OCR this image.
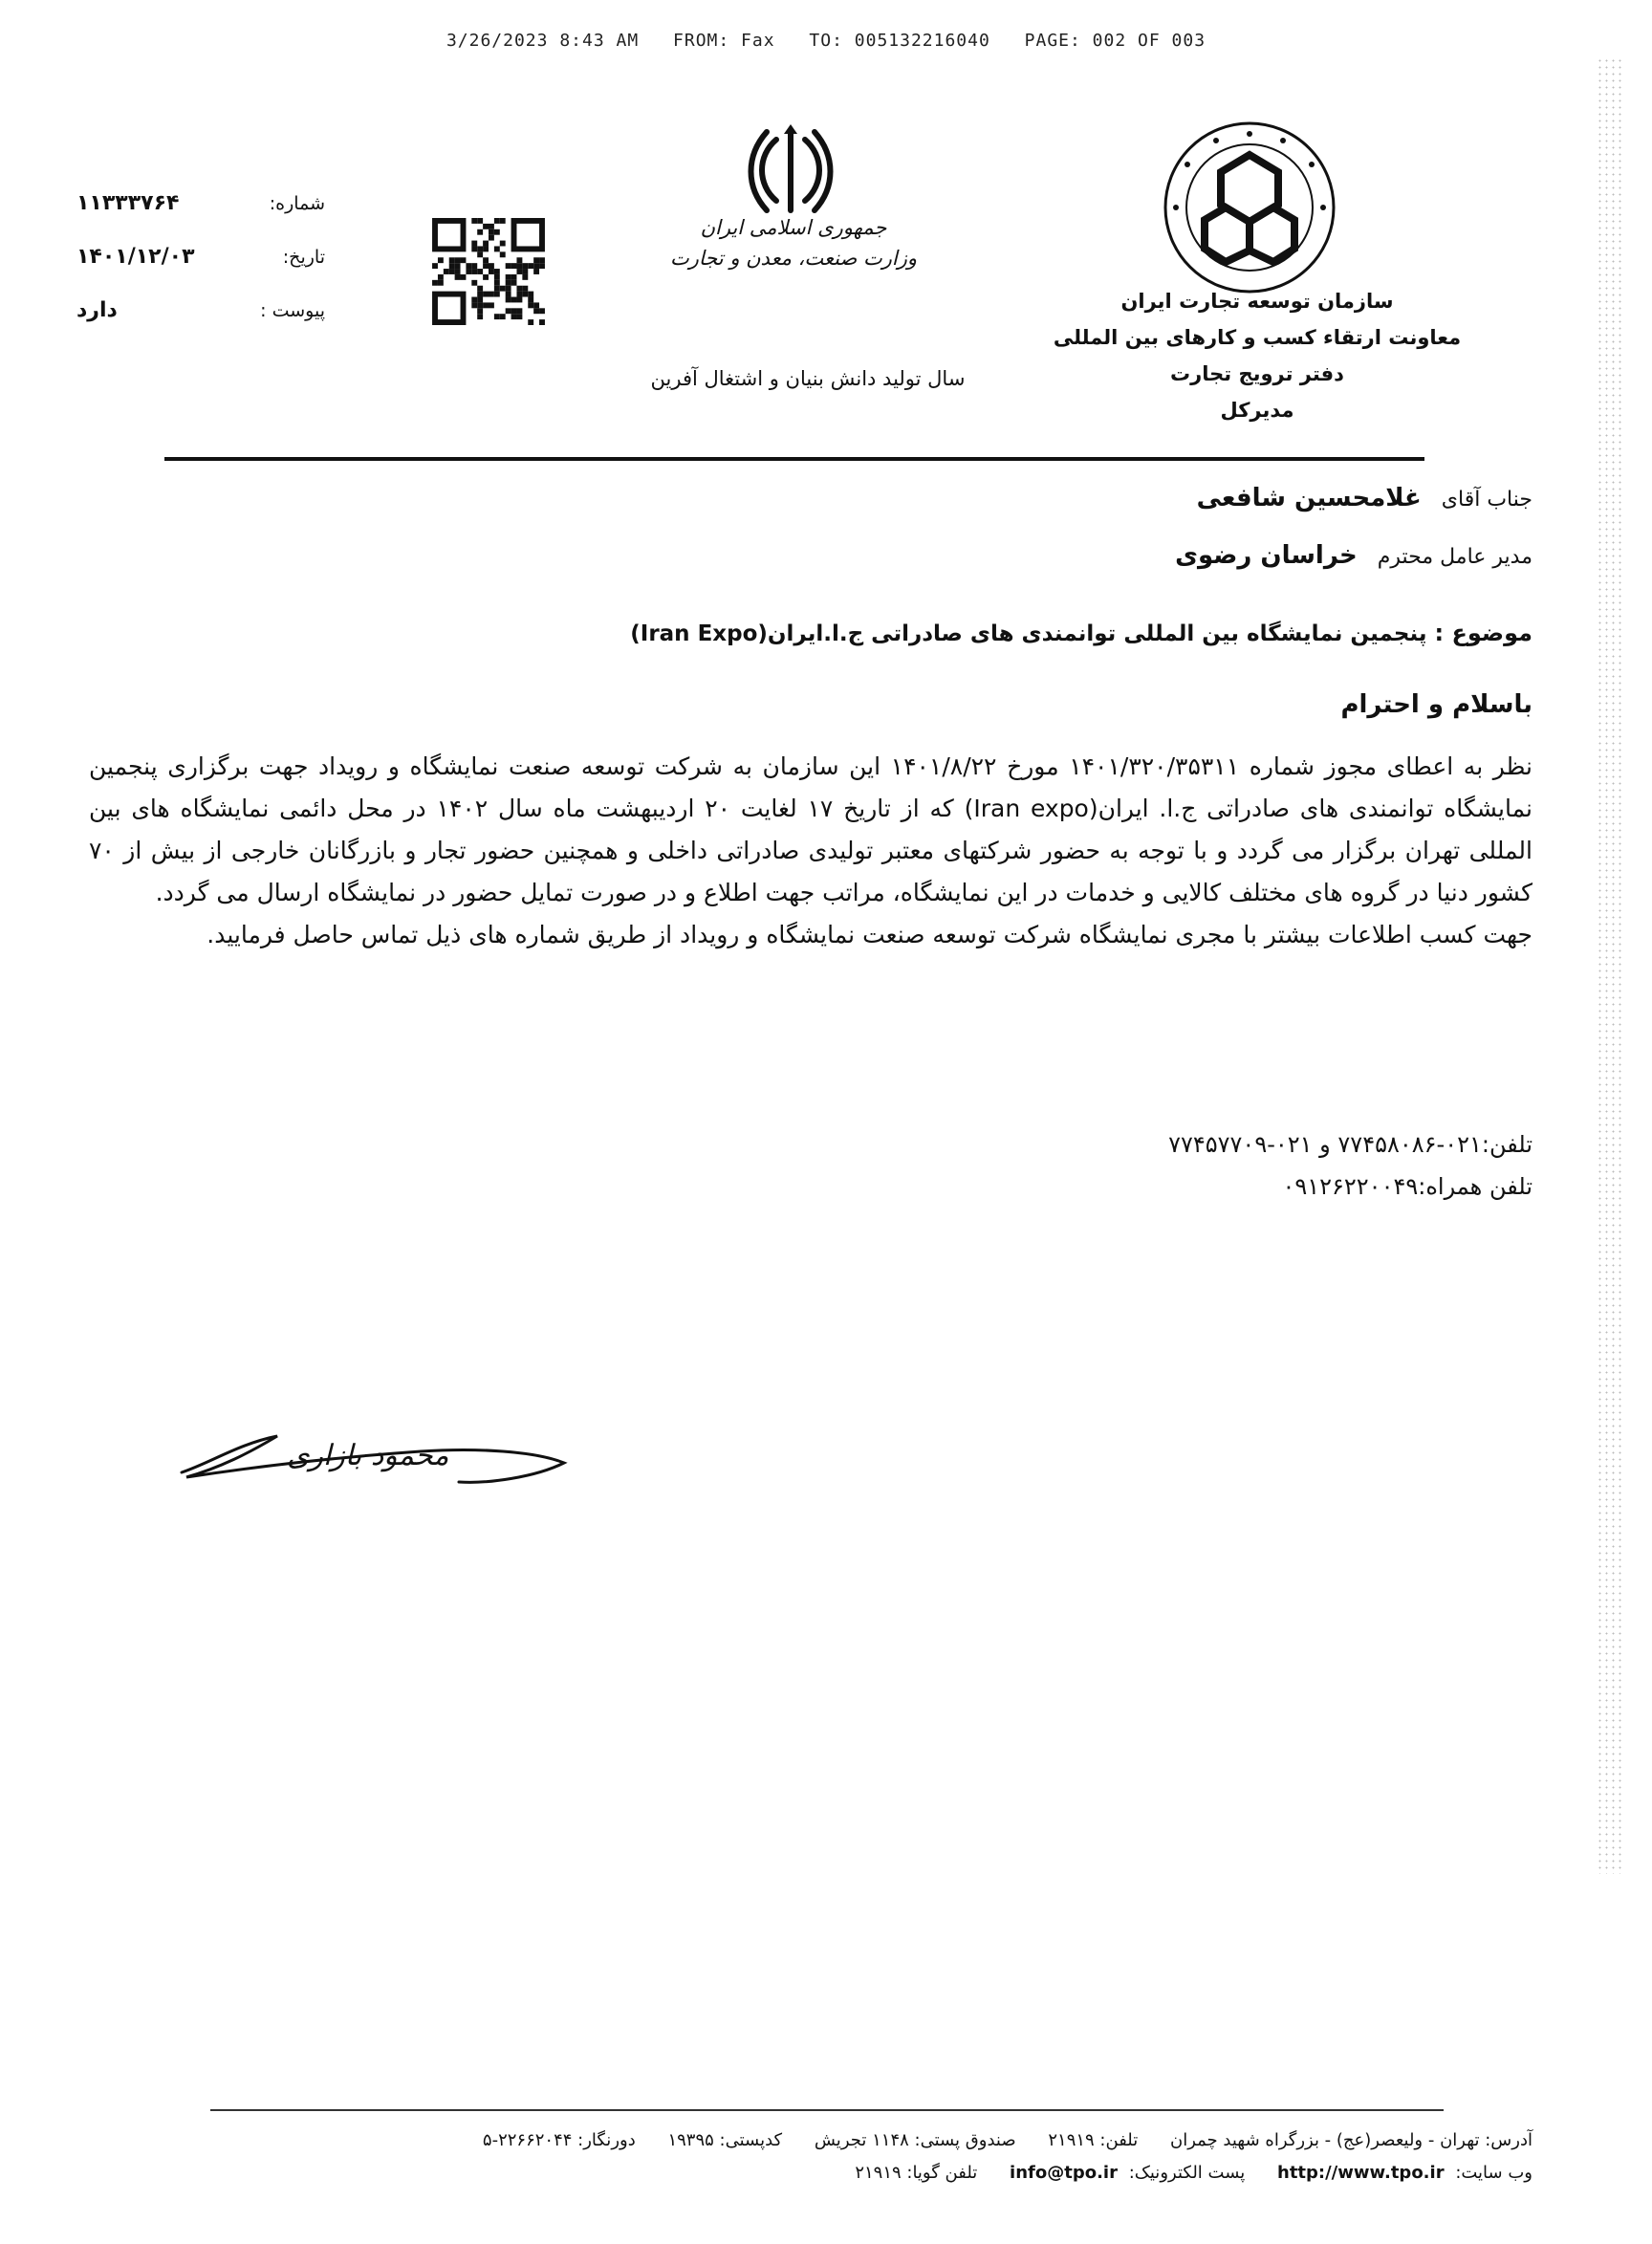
3/26/2023 8:43 AM FROM: Fax TO: 005132216040 PAGE: 002 OF 003
شماره:
۱۱۳۳۳۷۶۴
تاریخ:
۱۴۰۱/۱۲/۰۳
پیوست :
دارد
جمهوری اسلامی ایران
وزارت صنعت، معدن و تجارت
سال تولید دانش بنیان و اشتغال آفرین
سازمان توسعه تجارت ایران
معاونت ارتقاء کسب و کارهای بین المللی
دفتر ترویج تجارت
مدیرکل
جناب آقای غلامحسین شافعی
مدیر عامل محترم خراسان رضوی
موضوع : پنجمین نمایشگاه بین المللی توانمندی های صادراتی ج.ا.ایران(Iran Expo)
باسلام و احترام

نظر به اعطای مجوز شماره ۱۴۰۱/۳۲۰/۳۵۳۱۱ مورخ ۱۴۰۱/۸/۲۲ این سازمان به شرکت توسعه صنعت نمایشگاه و رویداد جهت برگزاری پنجمین نمایشگاه توانمندی های صادراتی ج.ا. ایران(Iran expo) که از تاریخ ۱۷ لغایت ۲۰ اردیبهشت ماه سال ۱۴۰۲ در محل دائمی نمایشگاه های بین المللی تهران برگزار می گردد و با توجه به حضور شرکتهای معتبر تولیدی صادراتی داخلی و همچنین حضور تجار و بازرگانان خارجی از بیش از ۷۰ کشور دنیا در گروه های مختلف کالایی و خدمات در این نمایشگاه، مراتب جهت اطلاع و در صورت تمایل حضور در نمایشگاه ارسال می گردد.

جهت کسب اطلاعات بیشتر با مجری نمایشگاه شرکت توسعه صنعت نمایشگاه و رویداد از طریق شماره های ذیل تماس حاصل فرمایید.

تلفن:۰۲۱-۷۷۴۵۸۰۸۶ و ۰۲۱-۷۷۴۵۷۷۰۹
تلفن همراه:۰۹۱۲۶۲۲۰۰۴۹
محمود بازاری
آدرس: تهران - ولیعصر(عج) - بزرگراه شهید چمران تلفن: ۲۱۹۱۹ صندوق پستی: ۱۱۴۸ تجریش کدپستی: ۱۹۳۹۵ دورنگار: ۲۲۶۶۲۰۴۴-۵
وب سایت: http://www.tpo.ir پست الکترونیک: info@tpo.ir تلفن گویا: ۲۱۹۱۹
